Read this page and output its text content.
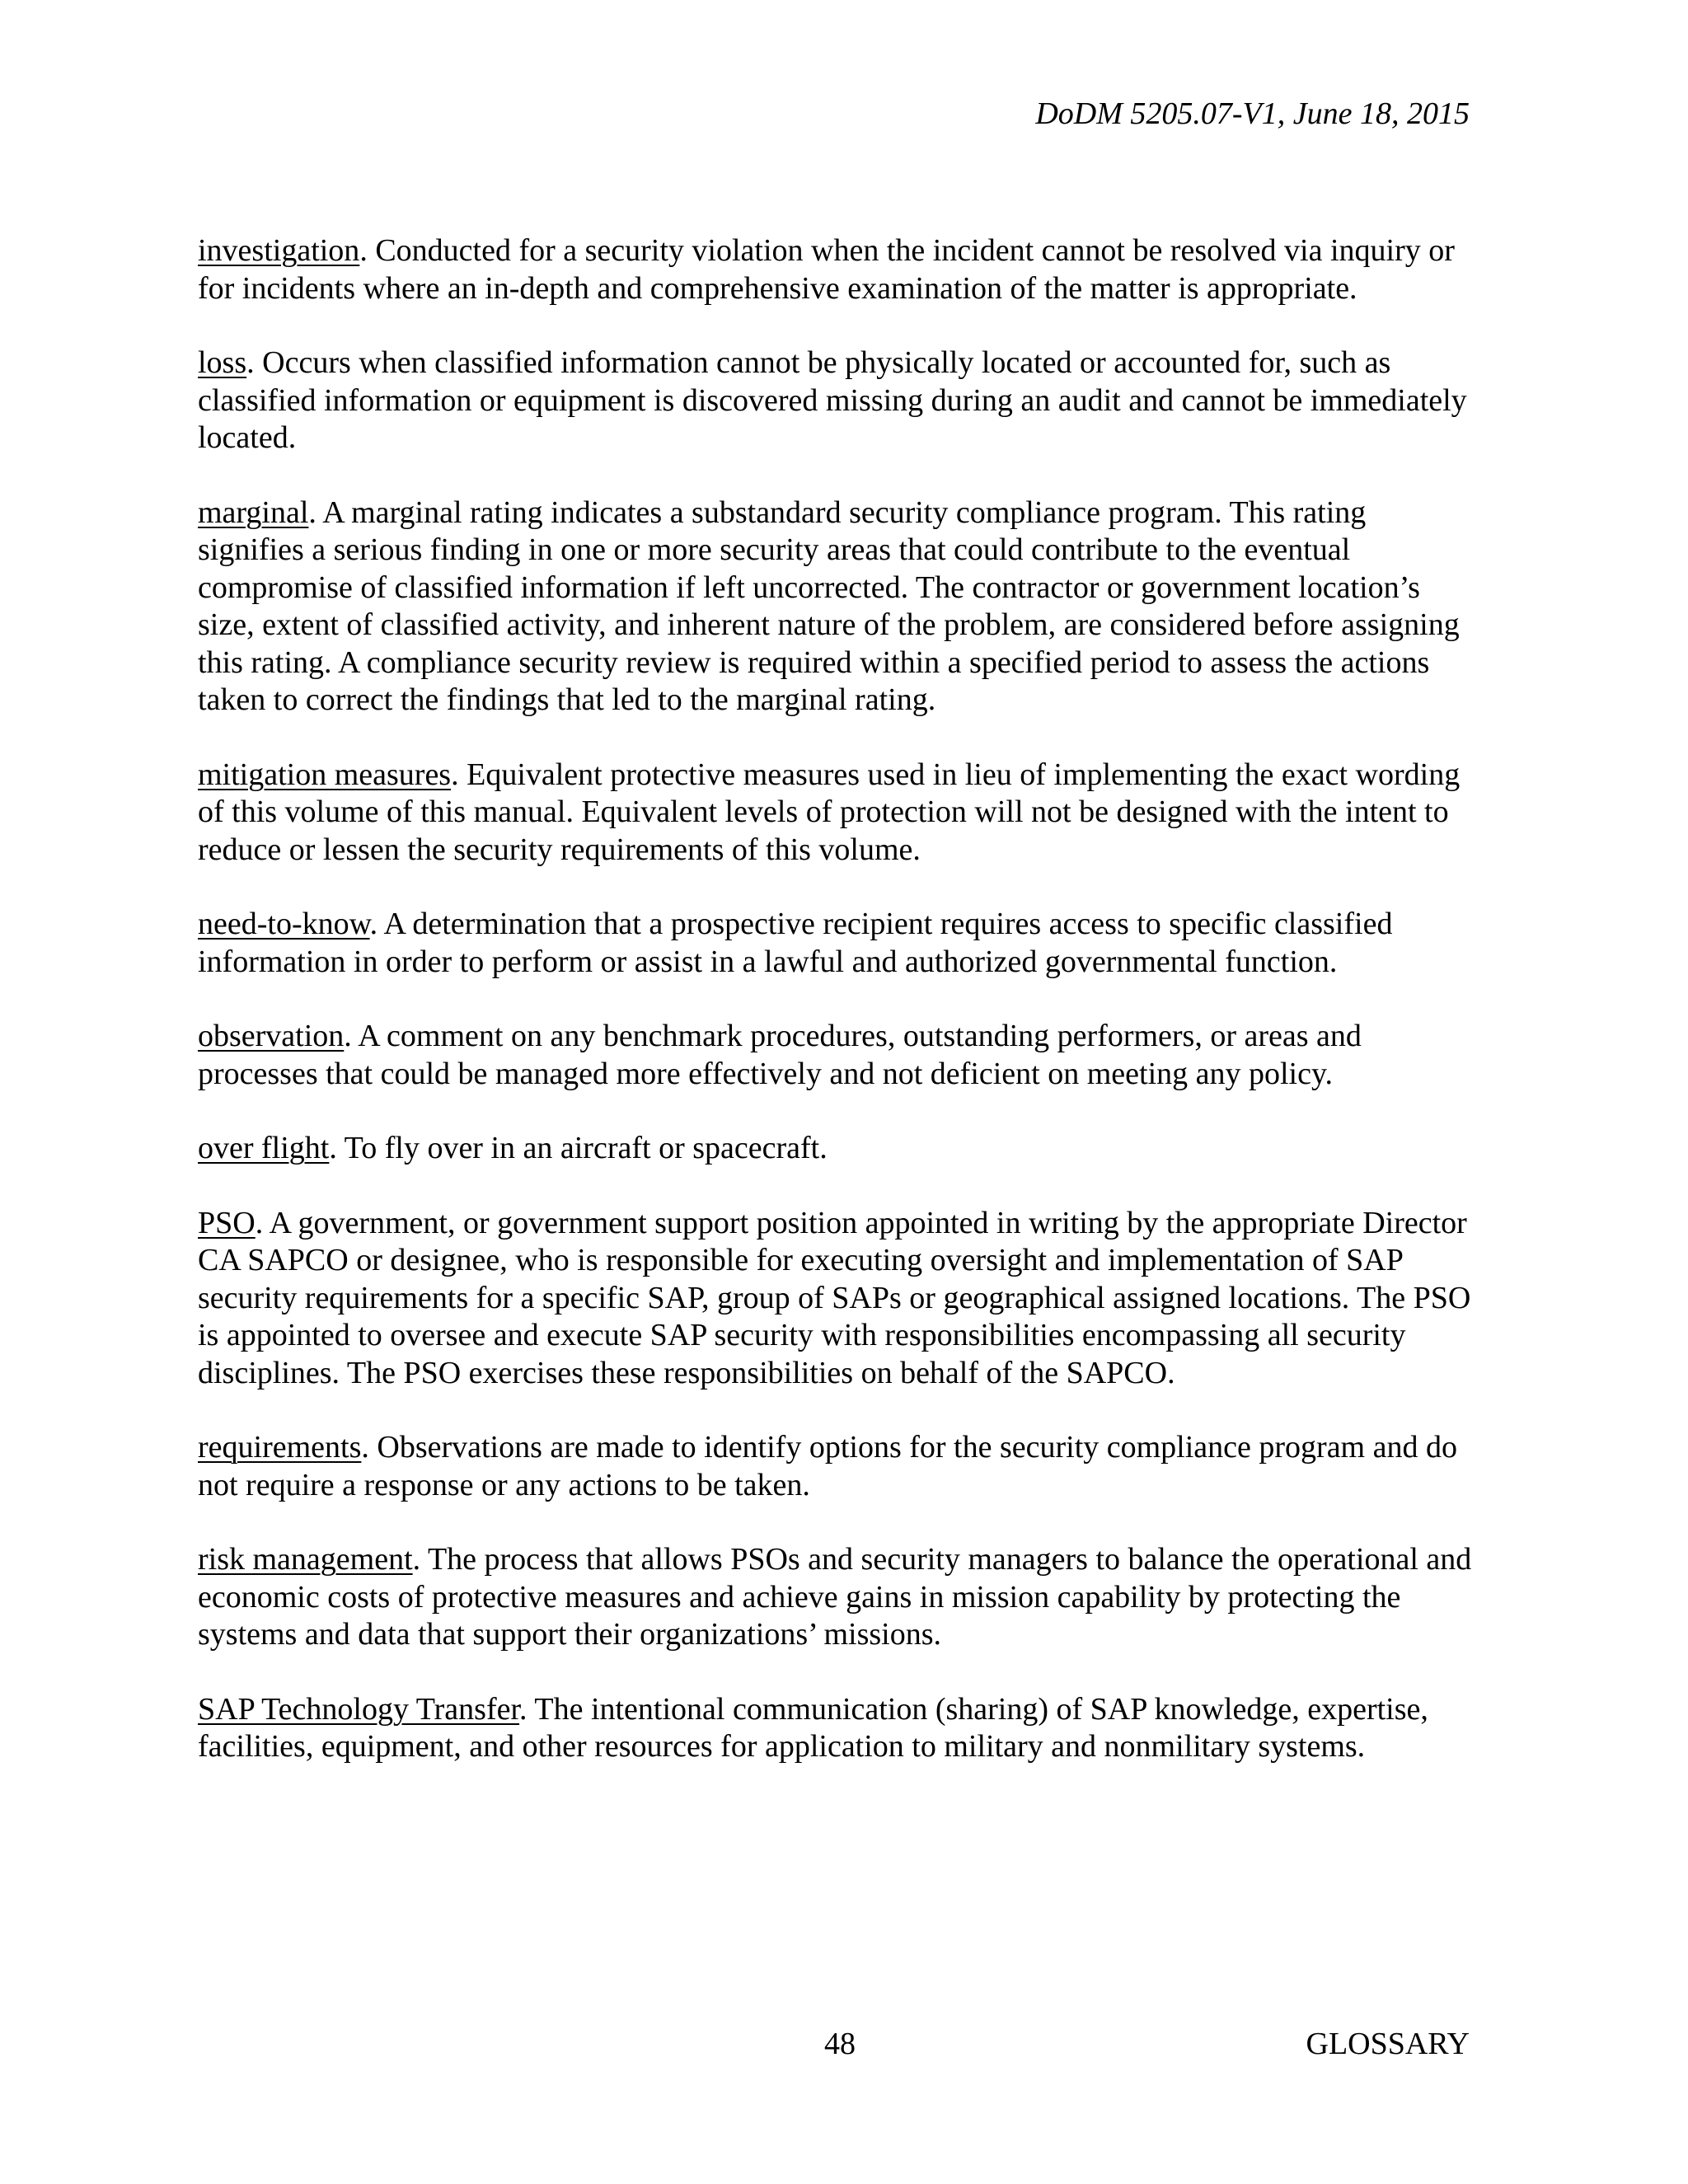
DoDM 5205.07-V1, June 18, 2015

investigation. Conducted for a security violation when the incident cannot be resolved via inquiry or for incidents where an in-depth and comprehensive examination of the matter is appropriate.

loss. Occurs when classified information cannot be physically located or accounted for, such as classified information or equipment is discovered missing during an audit and cannot be immediately located.

marginal. A marginal rating indicates a substandard security compliance program. This rating signifies a serious finding in one or more security areas that could contribute to the eventual compromise of classified information if left uncorrected. The contractor or government location’s size, extent of classified activity, and inherent nature of the problem, are considered before assigning this rating. A compliance security review is required within a specified period to assess the actions taken to correct the findings that led to the marginal rating.

mitigation measures. Equivalent protective measures used in lieu of implementing the exact wording of this volume of this manual. Equivalent levels of protection will not be designed with the intent to reduce or lessen the security requirements of this volume.

need-to-know. A determination that a prospective recipient requires access to specific classified information in order to perform or assist in a lawful and authorized governmental function.

observation. A comment on any benchmark procedures, outstanding performers, or areas and processes that could be managed more effectively and not deficient on meeting any policy.

over flight. To fly over in an aircraft or spacecraft.

PSO. A government, or government support position appointed in writing by the appropriate Director CA SAPCO or designee, who is responsible for executing oversight and implementation of SAP security requirements for a specific SAP, group of SAPs or geographical assigned locations. The PSO is appointed to oversee and execute SAP security with responsibilities encompassing all security disciplines. The PSO exercises these responsibilities on behalf of the SAPCO.

requirements. Observations are made to identify options for the security compliance program and do not require a response or any actions to be taken.

risk management. The process that allows PSOs and security managers to balance the operational and economic costs of protective measures and achieve gains in mission capability by protecting the systems and data that support their organizations’ missions.

SAP Technology Transfer. The intentional communication (sharing) of SAP knowledge, expertise, facilities, equipment, and other resources for application to military and nonmilitary systems.

48	GLOSSARY
